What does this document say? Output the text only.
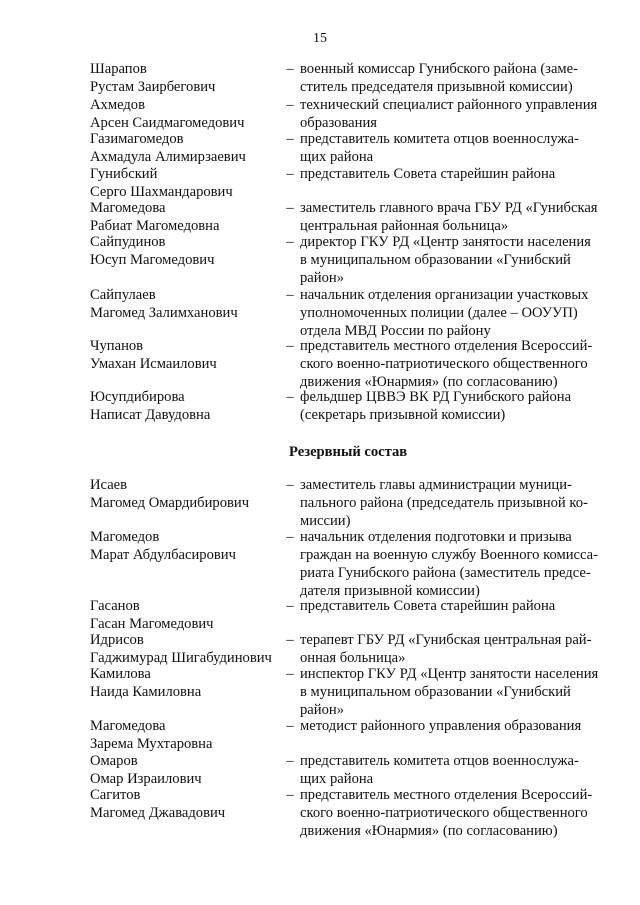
15
Шарапов
Рустам Заирбегович
– военный комиссар Гунибского района (заме-
ститель председателя призывной комиссии)
Ахмедов
Арсен Саидмагомедович
– технический специалист районного управления
образования
Газимагомедов
Ахмадула Алимирзаевич
– представитель комитета отцов военнослужа-
щих района
Гунибский
Серго Шахмандарович
– представитель Совета старейшин района
Магомедова
Рабиат Магомедовна
– заместитель главного врача ГБУ РД «Гунибская
центральная районная больница»
Сайпудинов
Юсуп Магомедович
– директор ГКУ РД «Центр занятости населения
в муниципальном образовании «Гунибский
район»
Сайпулаев
Магомед Залимханович
– начальник отделения организации участковых
уполномоченных полиции (далее – ООУУП)
отдела МВД России по району
Чупанов
Умахан Исмаилович
– представитель местного отделения Всероссий-
ского военно-патриотического общественного
движения «Юнармия» (по согласованию)
Юсупдибирова
Написат Давудовна
– фельдшер ЦВВЭ ВК РД Гунибского района
(секретарь призывной комиссии)
Резервный состав
Исаев
Магомед Омардибирович
– заместитель главы администрации муници-
пального района (председатель призывной ко-
миссии)
Магомедов
Марат Абдулбасирович
– начальник отделения подготовки и призыва
граждан на военную службу Военного комисса-
риата Гунибского района (заместитель предсе-
дателя призывной комиссии)
Гасанов
Гасан Магомедович
– представитель Совета старейшин района
Идрисов
Гаджимурад Шигабудинович
– терапевт ГБУ РД «Гунибская центральная рай-
онная больница»
Камилова
Наида Камиловна
– инспектор ГКУ РД «Центр занятости населения
в муниципальном образовании «Гунибский
район»
Магомедова
Зарема Мухтаровна
– методист районного управления образования
Омаров
Омар Израилович
– представитель комитета отцов военнослужа-
щих района
Сагитов
Магомед Джавадович
– представитель местного отделения Всероссий-
ского военно-патриотического общественного
движения «Юнармия» (по согласованию)
